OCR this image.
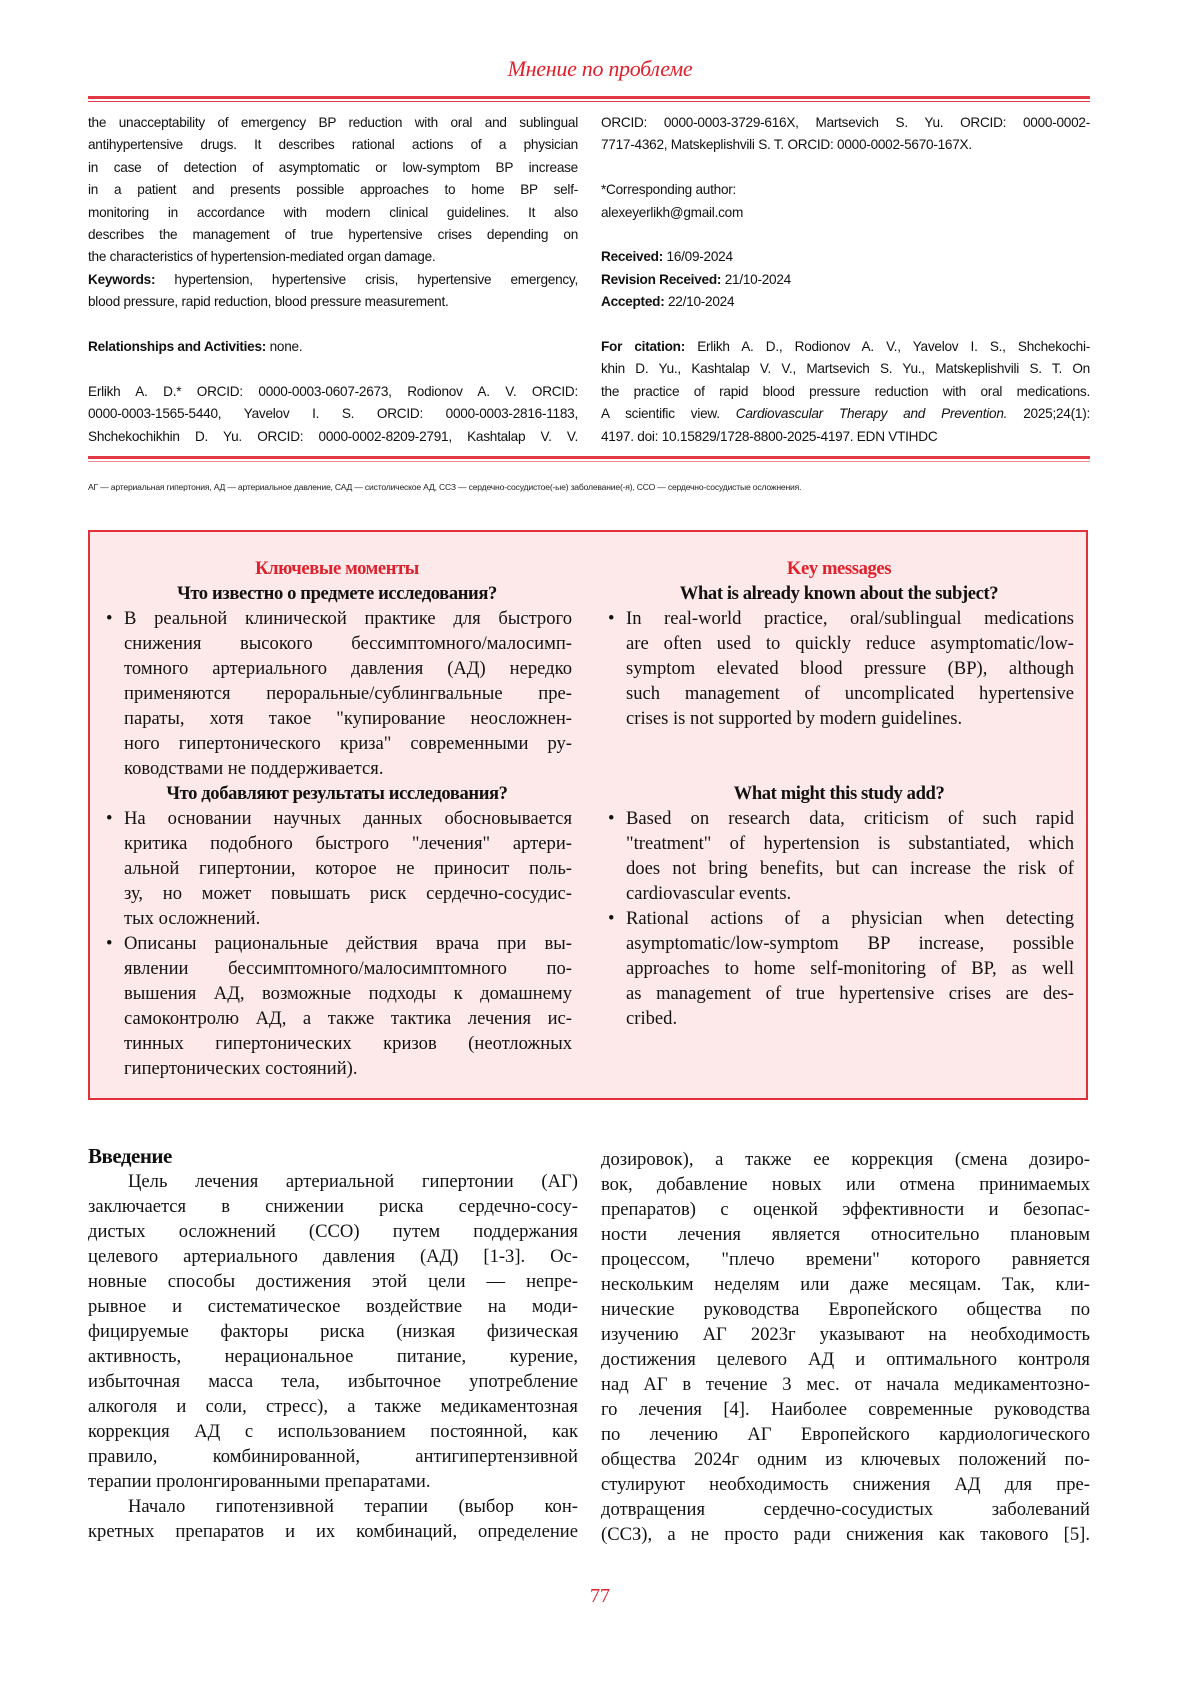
Мнение по проблеме
the unacceptability of emergency BP reduction with oral and sublingual
antihypertensive drugs. It describes rational actions of a physician
in case of detection of asymptomatic or low-symptom BP increase
in a patient and presents possible approaches to home BP self-
monitoring in accordance with modern clinical guidelines. It also
describes the management of true hypertensive crises depending on
the characteristics of hypertension-mediated organ damage.
Keywords: hypertension, hypertensive crisis, hypertensive emergency,
blood pressure, rapid reduction, blood pressure measurement.
Relationships and Activities: none.
Erlikh A. D.* ORCID: 0000-0003-0607-2673, Rodionov A. V. ORCID:
0000-0003-1565-5440, Yavelov I. S. ORCID: 0000-0003-2816-1183,
Shchekochikhin D. Yu. ORCID: 0000-0002-8209-2791, Kashtalap V. V.
ORCID: 0000-0003-3729-616X, Martsevich S. Yu. ORCID: 0000-0002-
7717-4362, Matskeplishvili S. T. ORCID: 0000-0002-5670-167X.
*Corresponding author:
alexeyerlikh@gmail.com
Received: 16/09-2024
Revision Received: 21/10-2024
Accepted: 22/10-2024
For citation: Erlikh A. D., Rodionov A. V., Yavelov I. S., Shchekochi-
khin D. Yu., Kashtalap V. V., Martsevich S. Yu., Matskeplishvili S. T. On
the practice of rapid blood pressure reduction with oral medications.
A scientific view. Cardiovascular Therapy and Prevention. 2025;24(1):
4197. doi: 10.15829/1728-8800-2025-4197. EDN VTIHDC
АГ — артериальная гипертония, АД — артериальное давление, САД — систолическое АД, ССЗ — сердечно-сосудистое(-ые) заболевание(-я), ССО — сердечно-сосудистые осложнения.
Ключевые моменты
Что известно о предмете исследования?
• В реальной клинической практике для быстрого
снижения высокого бессимптомного/малосимп-
томного артериального давления (АД) нередко
применяются пероральные/сублингвальные пре-
параты, хотя такое "купирование неосложнен-
ного гипертонического криза" современными ру-
ководствами не поддерживается.
Key messages
What is already known about the subject?
• In real-world practice, oral/sublingual medications
are often used to quickly reduce asymptomatic/low-
symptom elevated blood pressure (BP), although
such management of uncomplicated hypertensive
crises is not supported by modern guidelines.
Что добавляют результаты исследования?
• На основании научных данных обосновывается
критика подобного быстрого "лечения" артери-
альной гипертонии, которое не приносит поль-
зу, но может повышать риск сердечно-сосудис-
тых осложнений.
• Описаны рациональные действия врача при вы-
явлении бессимптомного/малосимптомного по-
вышения АД, возможные подходы к домашнему
самоконтролю АД, а также тактика лечения ис-
тинных гипертонических кризов (неотложных
гипертонических состояний).
What might this study add?
• Based on research data, criticism of such rapid
"treatment" of hypertension is substantiated, which
does not bring benefits, but can increase the risk of
cardiovascular events.
• Rational actions of a physician when detecting
asymptomatic/low-symptom BP increase, possible
approaches to home self-monitoring of BP, as well
as management of true hypertensive crises are des-
cribed.
Введение
Цель лечения артериальной гипертонии (АГ)
заключается в снижении риска сердечно-сосу-
дистых осложнений (ССО) путем поддержания
целевого артериального давления (АД) [1-3]. Ос-
новные способы достижения этой цели — непре-
рывное и систематическое воздействие на моди-
фицируемые факторы риска (низкая физическая
активность, нерациональное питание, курение,
избыточная масса тела, избыточное употребление
алкоголя и соли, стресс), а также медикаментозная
коррекция АД с использованием постоянной, как
правило, комбинированной, антигипертензивной
терапии пролонгированными препаратами.
Начало гипотензивной терапии (выбор кон-
кретных препаратов и их комбинаций, определение
дозировок), а также ее коррекция (смена дозиро-
вок, добавление новых или отмена принимаемых
препаратов) с оценкой эффективности и безопас-
ности лечения является относительно плановым
процессом, "плечо времени" которого равняется
нескольким неделям или даже месяцам. Так, кли-
нические руководства Европейского общества по
изучению АГ 2023г указывают на необходимость
достижения целевого АД и оптимального контроля
над АГ в течение 3 мес. от начала медикаментозно-
го лечения [4]. Наиболее современные руководства
по лечению АГ Европейского кардиологического
общества 2024г одним из ключевых положений по-
стулируют необходимость снижения АД для пре-
дотвращения сердечно-сосудистых заболеваний
(ССЗ), а не просто ради снижения как такового [5].
77
